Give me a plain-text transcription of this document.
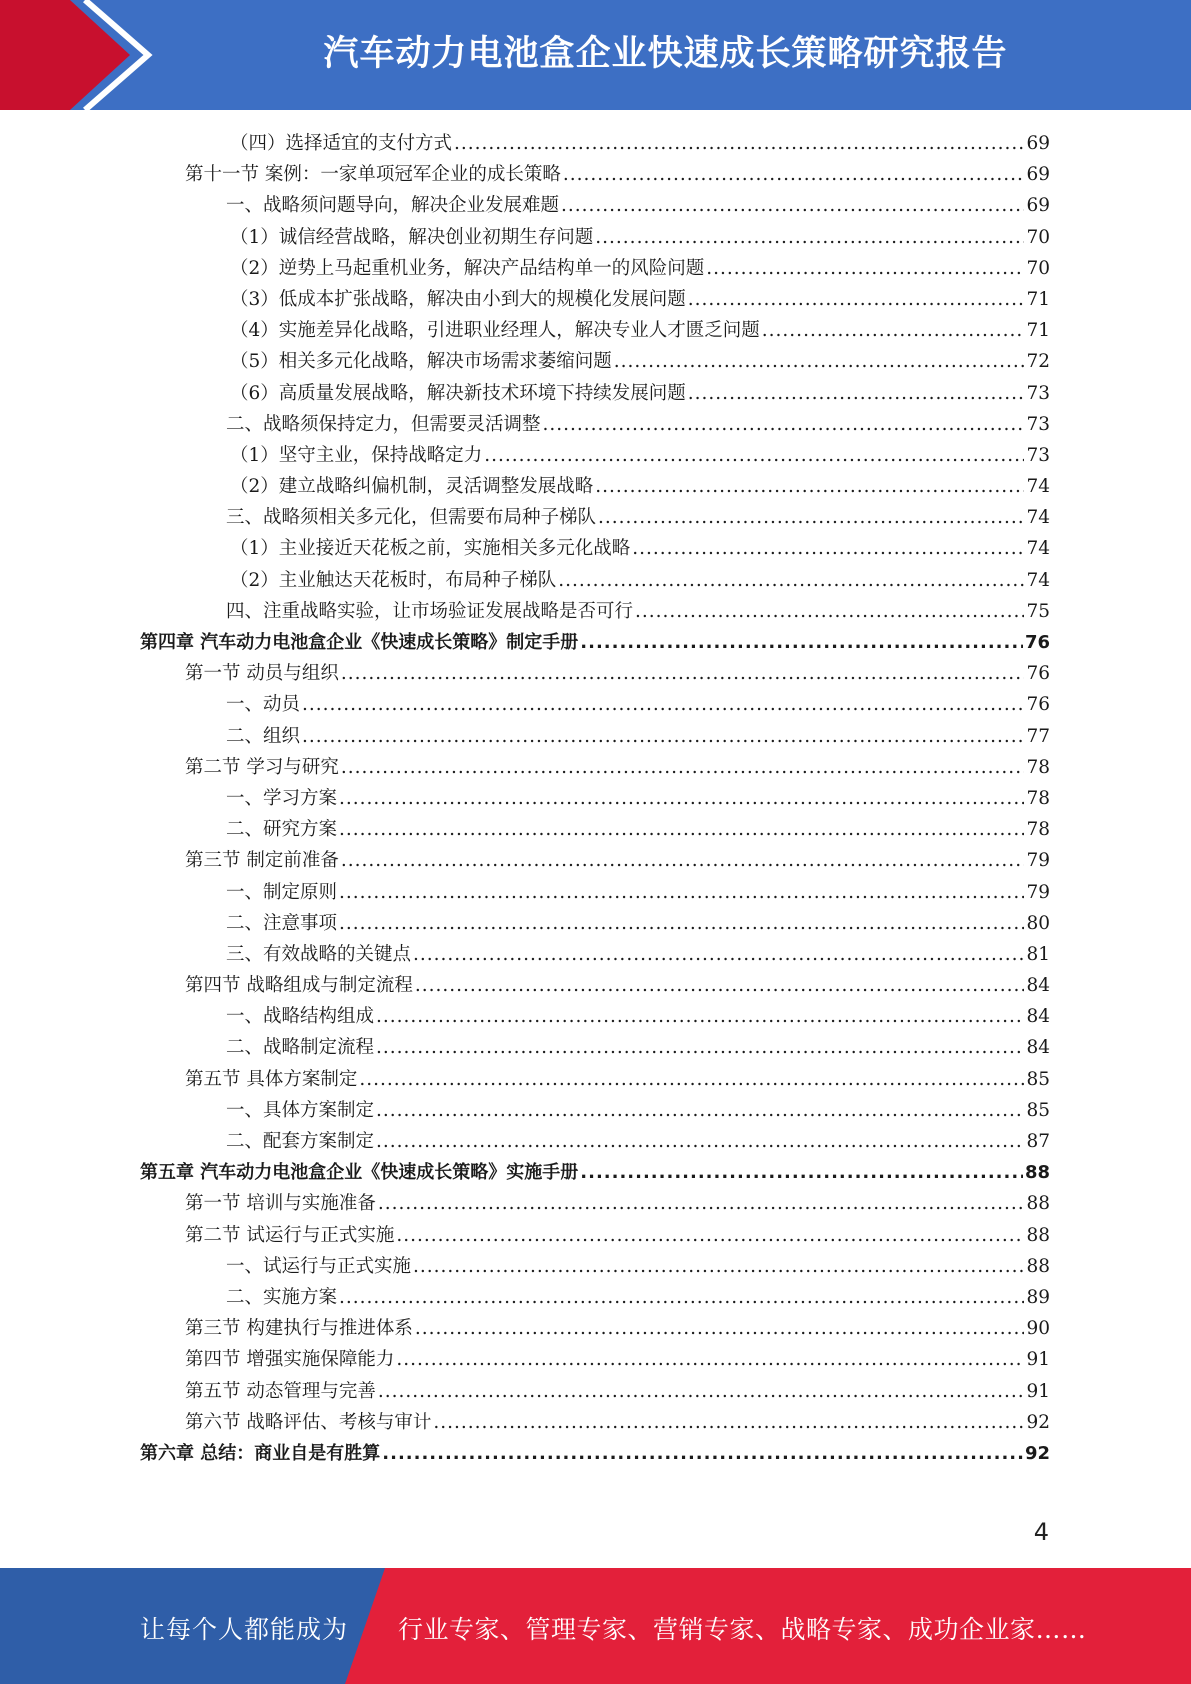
汽车动力电池盒企业快速成长策略研究报告
（四）选择适宜的支付方式 .....	69
第十一节 案例：一家单项冠军企业的成长策略 .....	69
一、战略须问题导向，解决企业发展难题 .....	69
（1）诚信经营战略，解决创业初期生存问题 .....	70
（2）逆势上马起重机业务，解决产品结构单一的风险问题 .....	70
（3）低成本扩张战略，解决由小到大的规模化发展问题 .....	71
（4）实施差异化战略，引进职业经理人，解决专业人才匮乏问题 .....	71
（5）相关多元化战略，解决市场需求萎缩问题 .....	72
（6）高质量发展战略，解决新技术环境下持续发展问题 .....	73
二、战略须保持定力，但需要灵活调整 .....	73
（1）坚守主业，保持战略定力 .....	73
（2）建立战略纠偏机制，灵活调整发展战略 .....	74
三、战略须相关多元化，但需要布局种子梯队 .....	74
（1）主业接近天花板之前，实施相关多元化战略 .....	74
（2）主业触达天花板时，布局种子梯队 .....	74
四、注重战略实验，让市场验证发展战略是否可行 .....	75
第四章 汽车动力电池盒企业《快速成长策略》制定手册 .....	76
第一节 动员与组织 .....	76
一、动员 .....	76
二、组织 .....	77
第二节 学习与研究 .....	78
一、学习方案 .....	78
二、研究方案 .....	78
第三节 制定前准备 .....	79
一、制定原则 .....	79
二、注意事项 .....	80
三、有效战略的关键点 .....	81
第四节 战略组成与制定流程 .....	84
一、战略结构组成 .....	84
二、战略制定流程 .....	84
第五节 具体方案制定 .....	85
一、具体方案制定 .....	85
二、配套方案制定 .....	87
第五章 汽车动力电池盒企业《快速成长策略》实施手册 .....	88
第一节 培训与实施准备 .....	88
第二节 试运行与正式实施 .....	88
一、试运行与正式实施 .....	88
二、实施方案 .....	89
第三节 构建执行与推进体系 .....	90
第四节 增强实施保障能力 .....	91
第五节 动态管理与完善 .....	91
第六节 战略评估、考核与审计 .....	92
第六章 总结：商业自是有胜算 .....	92
4
让每个人都能成为 行业专家、管理专家、营销专家、战略专家、成功企业家……
